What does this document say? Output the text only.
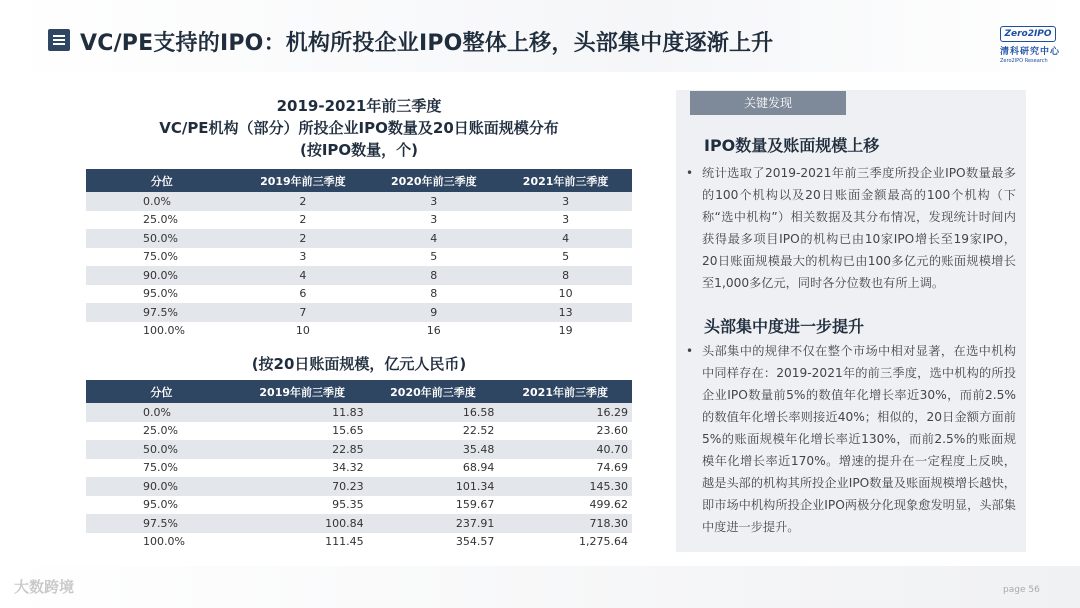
VC/PE支持的IPO：机构所投企业IPO整体上移，头部集中度逐渐上升	Zero2IPO
清科研究中心
Zero2IPO Research
2019-2021年前三季度
VC/PE机构（部分）所投企业IPO数量及20日账面规模分布
(按IPO数量，个)
分位	2019年前三季度	2020年前三季度	2021年前三季度
0.0%	2	3	3
25.0%	2	3	3
50.0%	2	4	4
75.0%	3	5	5
90.0%	4	8	8
95.0%	6	8	10
97.5%	7	9	13
100.0%	10	16	19
(按20日账面规模，亿元人民币)
分位	2019年前三季度	2020年前三季度	2021年前三季度
0.0%	11.83	16.58	16.29
25.0%	15.65	22.52	23.60
50.0%	22.85	35.48	40.70
75.0%	34.32	68.94	74.69
90.0%	70.23	101.34	145.30
95.0%	95.35	159.67	499.62
97.5%	100.84	237.91	718.30
100.0%	111.45	354.57	1,275.64
关键发现
IPO数量及账面规模上移
• 统计选取了2019-2021年前三季度所投企业IPO数量最多的100个机构以及20日账面金额最高的100个机构（下称“选中机构”）相关数据及其分布情况，发现统计时间内获得最多项目IPO的机构已由10家IPO增长至19家IPO，20日账面规模最大的机构已由100多亿元的账面规模增长至1,000多亿元，同时各分位数也有所上调。
头部集中度进一步提升
• 头部集中的规律不仅在整个市场中相对显著，在选中机构中同样存在：2019-2021年的前三季度，选中机构的所投企业IPO数量前5%的数值年化增长率近30%，而前2.5%的数值年化增长率则接近40%；相似的，20日金额方面前5%的账面规模年化增长率近130%，而前2.5%的账面规模年化增长率近170%。增速的提升在一定程度上反映，越是头部的机构其所投企业IPO数量及账面规模增长越快，即市场中机构所投企业IPO两极分化现象愈发明显，头部集中度进一步提升。
大数跨境	page 56
